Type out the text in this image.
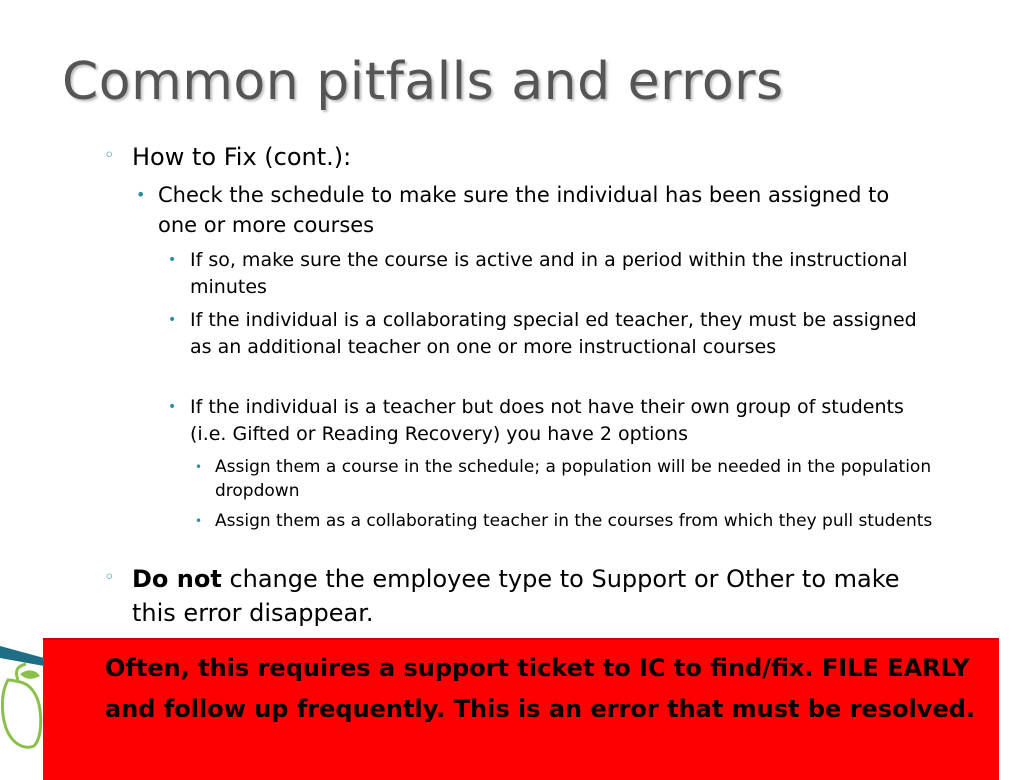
Common pitfalls and errors
◦ How to Fix (cont.):
• Check the schedule to make sure the individual has been assigned to one or more courses
• If so, make sure the course is active and in a period within the instructional minutes
• If the individual is a collaborating special ed teacher, they must be assigned as an additional teacher on one or more instructional courses
• If the individual is a teacher but does not have their own group of students (i.e. Gifted or Reading Recovery) you have 2 options
• Assign them a course in the schedule; a population will be needed in the population dropdown
• Assign them as a collaborating teacher in the courses from which they pull students
◦ Do not change the employee type to Support or Other to make this error disappear.
Often, this requires a support ticket to IC to find/fix. FILE EARLY and follow up frequently. This is an error that must be resolved.
